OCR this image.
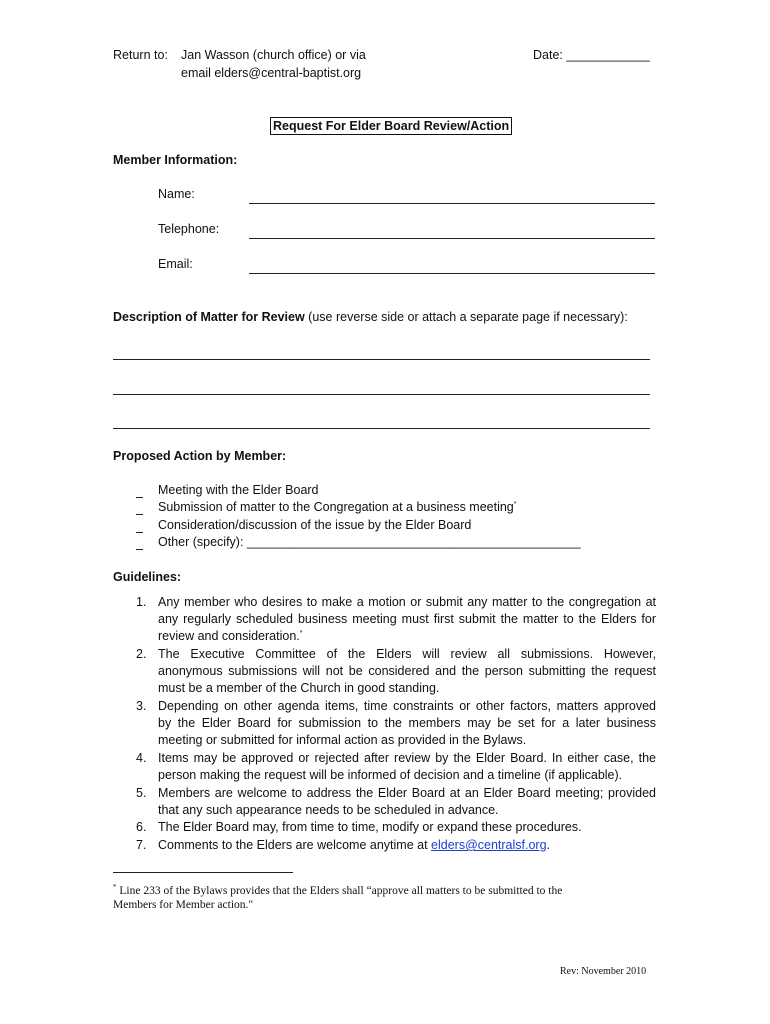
Return to: Jan Wasson (church office) or via
email elders@central-baptist.org
Date: ____________
Request For Elder Board Review/Action
Member Information:
Name:
Telephone:
Email:
Description of Matter for Review (use reverse side or attach a separate page if necessary):
Proposed Action by Member:
Meeting with the Elder Board
Submission of matter to the Congregation at a business meeting*
Consideration/discussion of the issue by the Elder Board
Other (specify): ________________________________________________
Guidelines:
1. Any member who desires to make a motion or submit any matter to the congregation at
any regularly scheduled business meeting must first submit the matter to the Elders for
review and consideration.*
2. The Executive Committee of the Elders will review all submissions. However,
anonymous submissions will not be considered and the person submitting the request
must be a member of the Church in good standing.
3. Depending on other agenda items, time constraints or other factors, matters approved
by the Elder Board for submission to the members may be set for a later business
meeting or submitted for informal action as provided in the Bylaws.
4. Items may be approved or rejected after review by the Elder Board. In either case, the
person making the request will be informed of decision and a timeline (if applicable).
5. Members are welcome to address the Elder Board at an Elder Board meeting; provided
that any such appearance needs to be scheduled in advance.
6. The Elder Board may, from time to time, modify or expand these procedures.
7. Comments to the Elders are welcome anytime at elders@centralsf.org.
* Line 233 of the Bylaws provides that the Elders shall “approve all matters to be submitted to the
Members for Member action."
Rev: November 2010
